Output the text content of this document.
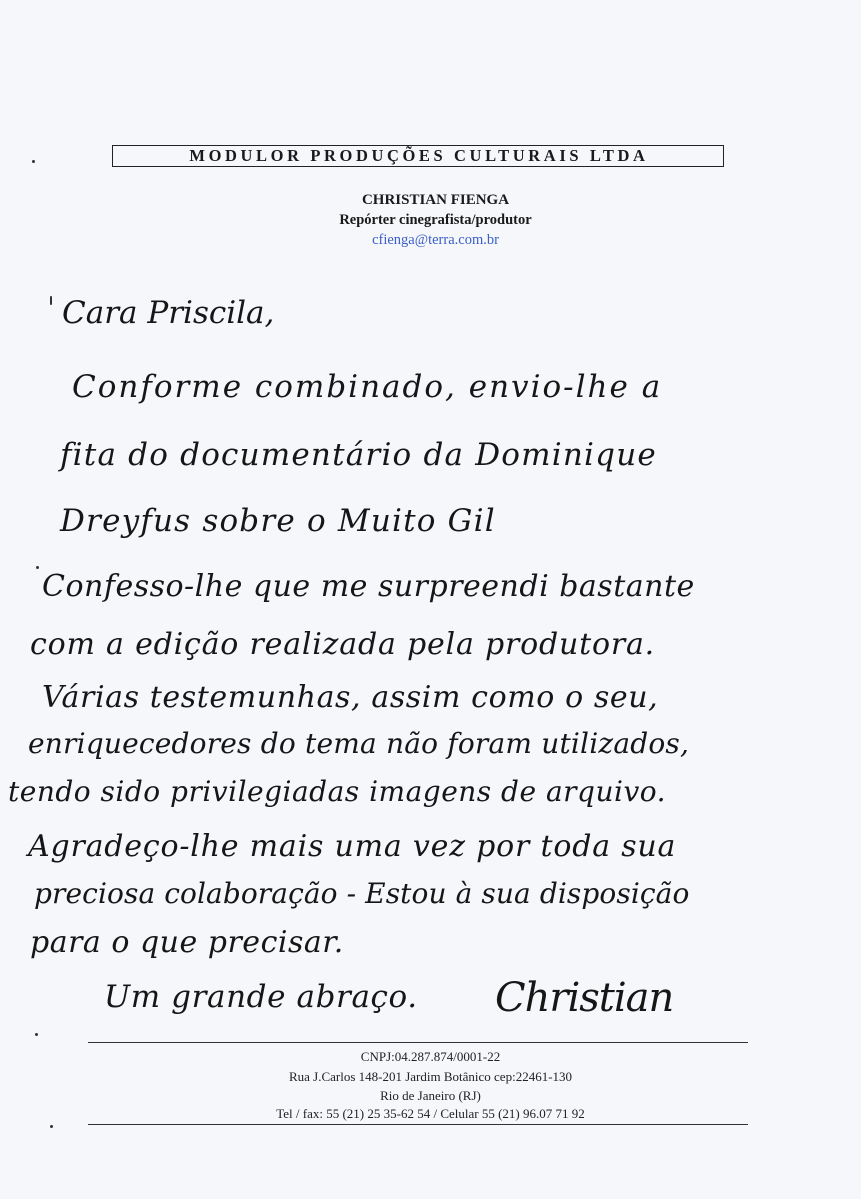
MODULOR PRODUÇÕES CULTURAIS LTDA
CHRISTIAN FIENGA
Repórter cinegrafista/produtor
cfienga@terra.com.br
Cara Priscila,
Conforme combinado, envio-lhe a
fita do documentário da Dominique
Dreyfus sobre o Muito Gil
Confesso-lhe que me surpreendi bastante
com a edição realizada pela produtora.
Várias testemunhas, assim como o seu,
enriquecedores do tema não foram utilizados,
tendo sido privilegiadas imagens de arquivo.
Agradeço-lhe mais uma vez por toda sua
preciosa colaboração - Estou à sua disposição
para o que precisar.
Um grande abraço. Christian
CNPJ:04.287.874/0001-22
Rua J.Carlos 148-201 Jardim Botânico cep:22461-130
Rio de Janeiro (RJ)
Tel / fax: 55 (21) 25 35-62 54 / Celular 55 (21) 96.07 71 92
